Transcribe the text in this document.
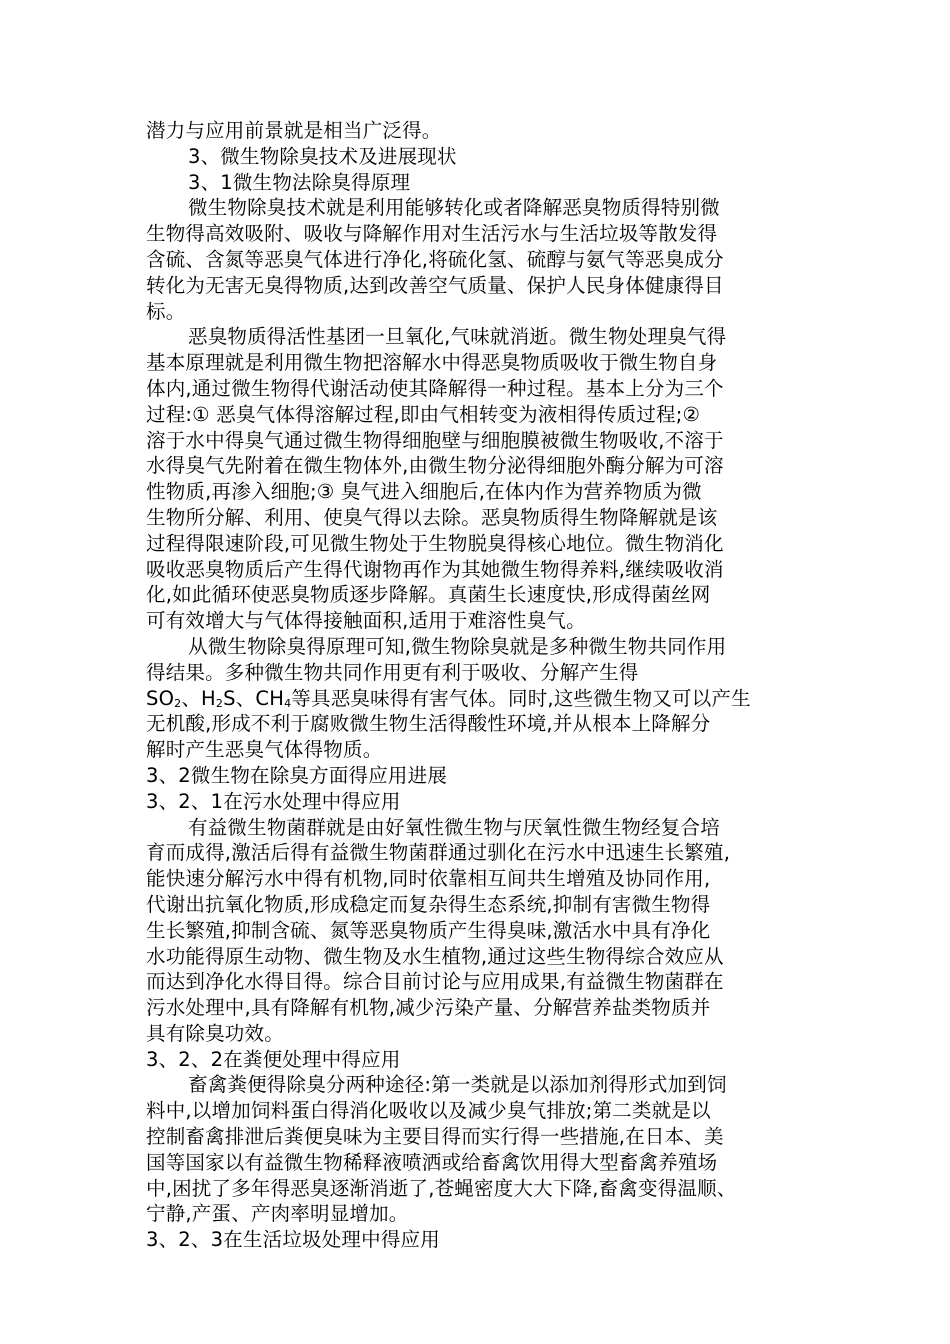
潜力与应用前景就是相当广泛得。
3、微生物除臭技术及进展现状
3、1微生物法除臭得原理
微生物除臭技术就是利用能够转化或者降解恶臭物质得特别微
生物得高效吸附、吸收与降解作用对生活污水与生活垃圾等散发得
含硫、含氮等恶臭气体进行净化,将硫化氢、硫醇与氨气等恶臭成分
转化为无害无臭得物质,达到改善空气质量、保护人民身体健康得目
标。
恶臭物质得活性基团一旦氧化,气味就消逝。微生物处理臭气得
基本原理就是利用微生物把溶解水中得恶臭物质吸收于微生物自身
体内,通过微生物得代谢活动使其降解得一种过程。基本上分为三个
过程:① 恶臭气体得溶解过程,即由气相转变为液相得传质过程;②
溶于水中得臭气通过微生物得细胞壁与细胞膜被微生物吸收,不溶于
水得臭气先附着在微生物体外,由微生物分泌得细胞外酶分解为可溶
性物质,再渗入细胞;③ 臭气进入细胞后,在体内作为营养物质为微
生物所分解、利用、使臭气得以去除。恶臭物质得生物降解就是该
过程得限速阶段,可见微生物处于生物脱臭得核心地位。微生物消化
吸收恶臭物质后产生得代谢物再作为其她微生物得养料,继续吸收消
化,如此循环使恶臭物质逐步降解。真菌生长速度快,形成得菌丝网
可有效增大与气体得接触面积,适用于难溶性臭气。
从微生物除臭得原理可知,微生物除臭就是多种微生物共同作用
得结果。多种微生物共同作用更有利于吸收、分解产生得
$SO_2$、$H_2S$、$CH_4$等具恶臭味得有害气体。同时,这些微生物又可以产生
无机酸,形成不利于腐败微生物生活得酸性环境,并从根本上降解分
解时产生恶臭气体得物质。
3、2微生物在除臭方面得应用进展
3、2、1在污水处理中得应用
有益微生物菌群就是由好氧性微生物与厌氧性微生物经复合培
育而成得,激活后得有益微生物菌群通过驯化在污水中迅速生长繁殖,
能快速分解污水中得有机物,同时依靠相互间共生增殖及协同作用,
代谢出抗氧化物质,形成稳定而复杂得生态系统,抑制有害微生物得
生长繁殖,抑制含硫、氮等恶臭物质产生得臭味,激活水中具有净化
水功能得原生动物、微生物及水生植物,通过这些生物得综合效应从
而达到净化水得目得。综合目前讨论与应用成果,有益微生物菌群在
污水处理中,具有降解有机物,减少污染产量、分解营养盐类物质并
具有除臭功效。
3、2、2在粪便处理中得应用
畜禽粪便得除臭分两种途径:第一类就是以添加剂得形式加到饲
料中,以增加饲料蛋白得消化吸收以及减少臭气排放;第二类就是以
控制畜禽排泄后粪便臭味为主要目得而实行得一些措施,在日本、美
国等国家以有益微生物稀释液喷洒或给畜禽饮用得大型畜禽养殖场
中,困扰了多年得恶臭逐渐消逝了,苍蝇密度大大下降,畜禽变得温顺、
宁静,产蛋、产肉率明显增加。
3、2、3在生活垃圾处理中得应用
